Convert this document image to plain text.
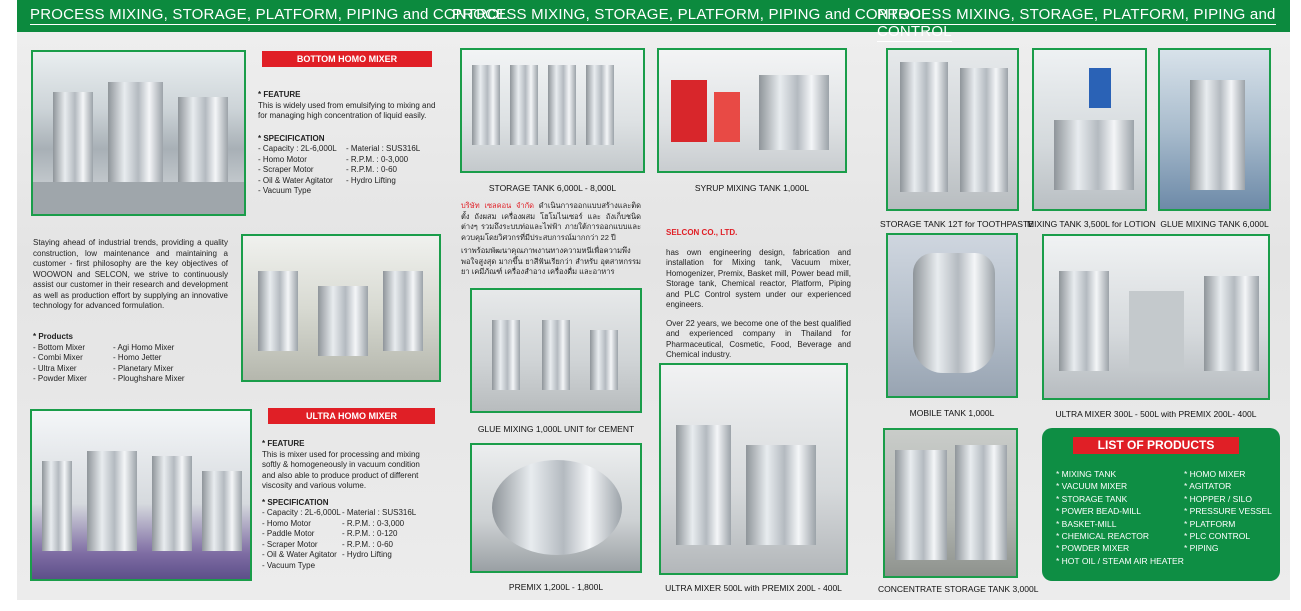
PROCESS MIXING, STORAGE, PLATFORM, PIPING and CONTROL
PROCESS MIXING, STORAGE, PLATFORM, PIPING and CONTROL
PROCESS MIXING, STORAGE, PLATFORM, PIPING and CONTROL
BOTTOM HOMO MIXER
* FEATURE
This is widely used from emulsifying to mixing and for managing high concentration of liquid easily.
* SPECIFICATION
- Capacity : 2L-6,000L	- Material : SUS316L
- Homo Motor	- R.P.M. : 0-3,000
- Scraper Motor	- R.P.M. : 0-60
- Oil & Water Agitator	- Hydro Lifting
- Vacuum Type
Staying ahead of industrial trends, providing a quality construction, low maintenance and maintaining a customer - first philosophy are the key objectives of WOOWON and SELCON, we strive to continuously assist our customer in their research and development as well as production effort by supplying an innovative technology for advanced formulation.
* Products
- Bottom Mixer	- Agi Homo Mixer
- Combi Mixer	- Homo Jetter
- Ultra Mixer	- Planetary Mixer
- Powder Mixer	- Ploughshare Mixer
ULTRA HOMO MIXER
* FEATURE
This is mixer used for processing and mixing softly & homogeneously in vacuum condition and also able to produce product of different viscosity and various volume.
* SPECIFICATION
- Capacity : 2L-6,000L - Material : SUS316L
- Homo Motor	- R.P.M. : 0-3,000
- Paddle Motor	- R.P.M. : 0-120
- Scraper Motor	- R.P.M. : 0-60
- Oil & Water Agitator - Hydro Lifting
- Vacuum Type
STORAGE TANK 6,000L - 8,000L	SYRUP MIXING TANK 1,000L
บริษัท เซลคอน จำกัด ดำเนินการออกแบบสร้างและติดตั้ง ถังผสม เครื่องผสม โฮโมไนเซอร์ และ ถังเก็บชนิด ต่างๆ รวมถึงระบบท่อและไฟฟ้า ภายใต้การออกแบบและควบคุมโดยวิศวกรที่มีประสบการณ์มากกว่า 22 ปี
เราพร้อมพัฒนาคุณภาพงานทางความหนีเพื่อความพึงพอใจสูงสุด มากขึ้น ยาสีฟันเรียกว่า สำหรับ อุตสาหกรรมยา เคมีภัณฑ์ เครื่องสำอาง เครื่องดื่ม และอาหาร
SELCON CO., LTD.
has own engineering design, fabrication and installation for Mixing tank, Vacuum mixer, Homogenizer, Premix, Basket mill, Power bead mill, Storage tank, Chemical reactor, Platform, Piping and PLC Control system under our experienced engineers.
Over 22 years, we become one of the best qualified and experienced company in Thailand for Pharmaceutical, Cosmetic, Food, Beverage and Chemical industry.
GLUE MIXING 1,000L UNIT for CEMENT
PREMIX 1,200L - 1,800L	ULTRA MIXER 500L with PREMIX 200L - 400L
STORAGE TANK 12T for TOOTHPASTE
MIXING TANK 3,500L for LOTION GLUE MIXING TANK 6,000L
MOBILE TANK 1,000L	ULTRA MIXER 300L - 500L with PREMIX 200L- 400L
CONCENTRATE STORAGE TANK 3,000L
LIST OF PRODUCTS
* MIXING TANK
* VACUUM MIXER
* STORAGE TANK
* POWER BEAD-MILL
* BASKET-MILL
* CHEMICAL REACTOR
* POWDER MIXER
* HOT OIL / STEAM AIR HEATER
* HOMO MIXER
* AGITATOR
* HOPPER / SILO
* PRESSURE VESSEL
* PLATFORM
* PLC CONTROL
* PIPING
